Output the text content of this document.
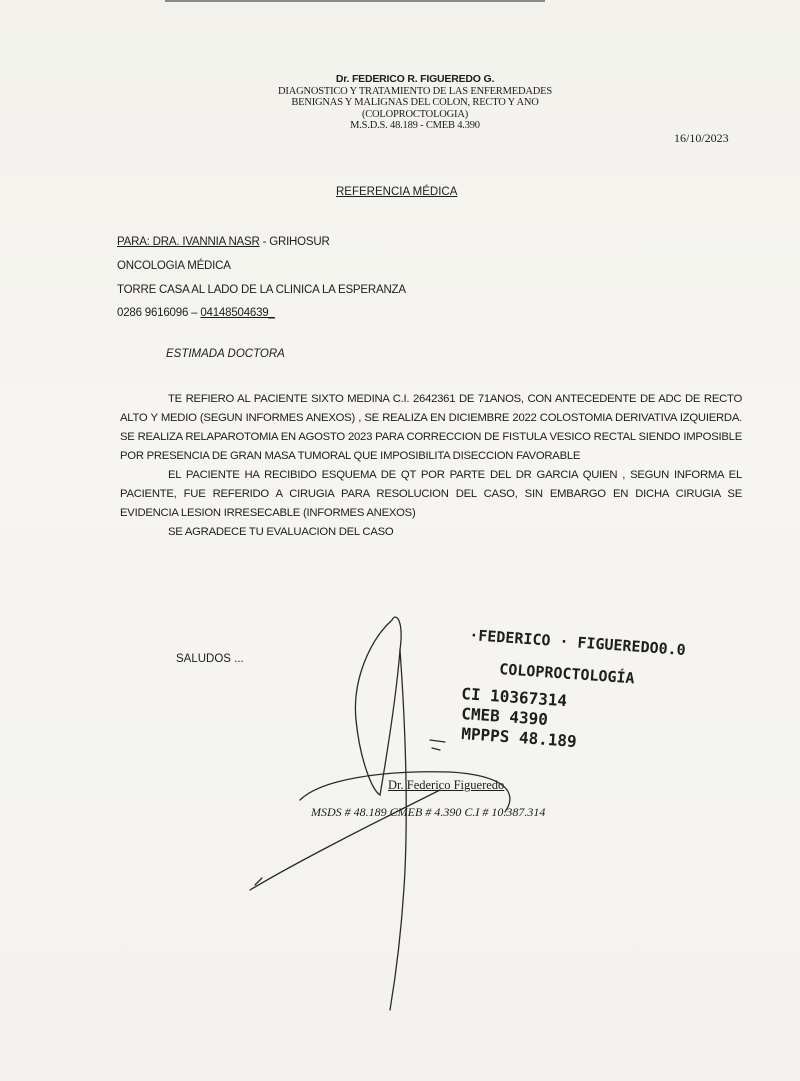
Dr. FEDERICO R. FIGUEREDO G.
DIAGNOSTICO Y TRATAMIENTO DE LAS ENFERMEDADES
BENIGNAS Y MALIGNAS DEL COLON, RECTO Y ANO
(COLOPROCTOLOGIA)
M.S.D.S. 48.189 - CMEB 4.390
16/10/2023
REFERENCIA MÉDICA
PARA: DRA. IVANNIA NASR - GRIHOSUR
ONCOLOGIA MÉDICA
TORRE CASA AL LADO DE LA CLINICA LA ESPERANZA
0286 9616096 – 04148504639_
ESTIMADA DOCTORA

TE REFIERO AL PACIENTE SIXTO MEDINA C.I. 2642361 DE 71ANOS, CON ANTECEDENTE DE ADC DE RECTO ALTO Y MEDIO (SEGUN INFORMES ANEXOS) , SE REALIZA EN DICIEMBRE 2022 COLOSTOMIA DERIVATIVA IZQUIERDA. SE REALIZA RELAPAROTOMIA EN AGOSTO 2023 PARA CORRECCION DE FISTULA VESICO RECTAL SIENDO IMPOSIBLE POR PRESENCIA DE GRAN MASA TUMORAL QUE IMPOSIBILITA DISECCION FAVORABLE

EL PACIENTE HA RECIBIDO ESQUEMA DE QT POR PARTE DEL DR GARCIA QUIEN , SEGUN INFORMA EL PACIENTE, FUE REFERIDO A CIRUGIA PARA RESOLUCION DEL CASO, SIN EMBARGO EN DICHA CIRUGIA SE EVIDENCIA LESION IRRESECABLE (INFORMES ANEXOS)

SE AGRADECE TU EVALUACION DEL CASO

SALUDOS ...	·FEDERICO · FIGUEREDO0.0
COLOPROCTOLOGÍA
CI 10367314
CMEB 4390
MPPPS 48.189
Dr. Federico Figueredo
MSDS # 48.189 CMEB # 4.390 C.I # 10.387.314
